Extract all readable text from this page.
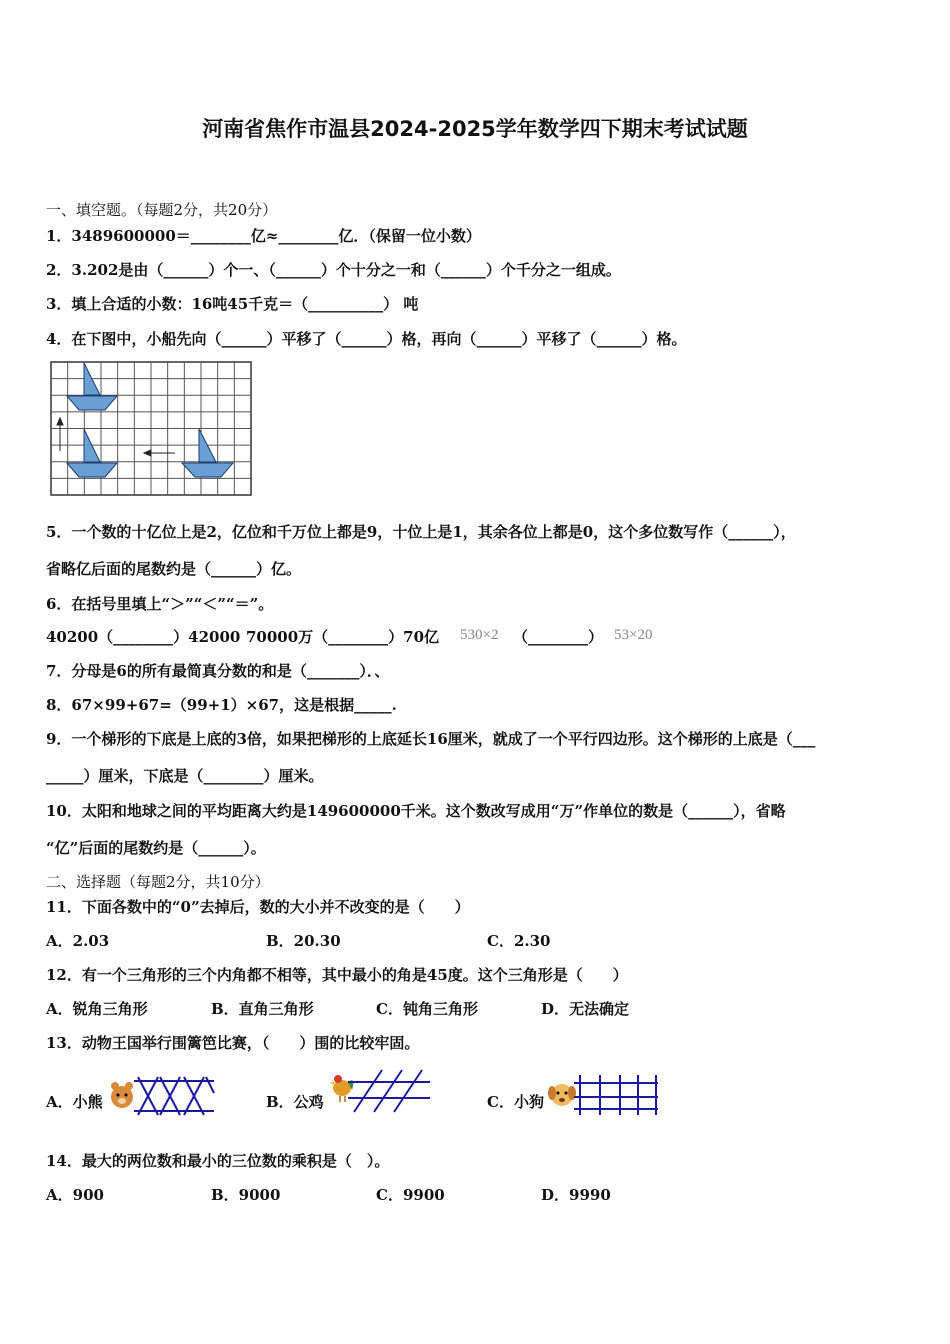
河南省焦作市温县2024-2025学年数学四下期末考试试题
一、填空题。（每题2分，共20分）
1．3489600000＝________亿≈________亿．（保留一位小数）
2．3.202是由（______）个一、（______）个十分之一和（______）个千分之一组成。
3．填上合适的小数：16吨45千克＝（__________） 吨
4．在下图中，小船先向（______）平移了（______）格，再向（______）平移了（______）格。
5．一个数的十亿位上是2，亿位和千万位上都是9，十位上是1，其余各位上都是0，这个多位数写作（______），
省略亿后面的尾数约是（______）亿。
6．在括号里填上“＞”“＜”“＝”。
40200（________）42000 70000万（________）70亿 530×2 （________） 53×20
7．分母是6的所有最简真分数的和是（_______）．、
8．67×99+67=（99+1）×67，这是根据_____.
9．一个梯形的下底是上底的3倍，如果把梯形的上底延长16厘米，就成了一个平行四边形。这个梯形的上底是（___
_____）厘米，下底是（________）厘米。
10．太阳和地球之间的平均距离大约是149600000千米。这个数改写成用“万”作单位的数是（______），省略
“亿”后面的尾数约是（______）。
二、选择题（每题2分，共10分）
11．下面各数中的“0”去掉后，数的大小并不改变的是（　　）
A．2.03	B．20.30	C．2.30
12．有一个三角形的三个内角都不相等，其中最小的角是45度。这个三角形是（　　）
A．锐角三角形	B．直角三角形	C．钝角三角形	D．无法确定
13．动物王国举行围篱笆比赛，（　　）围的比较牢固。
A．小熊	B．公鸡	C．小狗
14．最大的两位数和最小的三位数的乘积是（　）。
A．900	B．9000	C．9900	D．9990
